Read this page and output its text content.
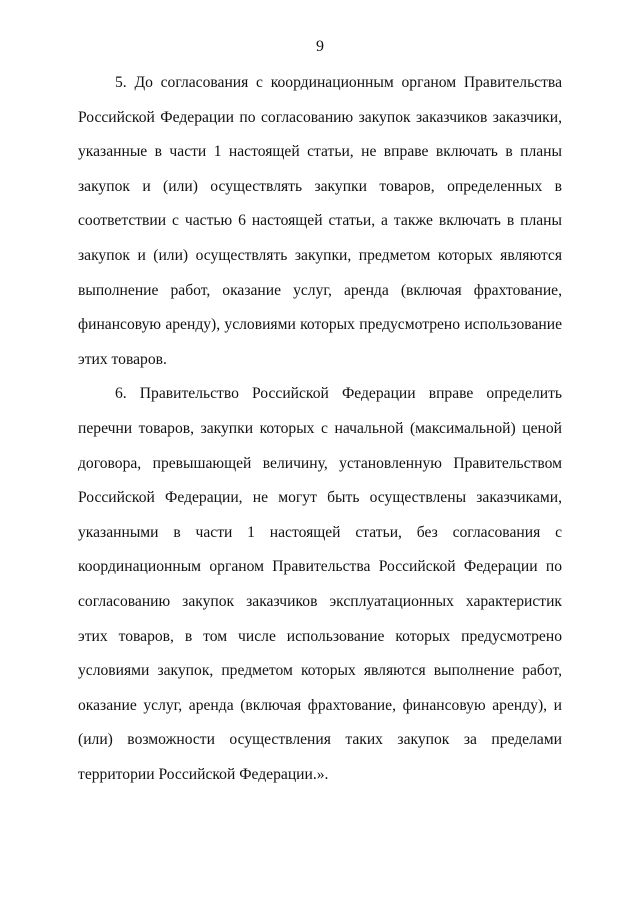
9

5. До согласования с координационным органом Правительства Российской Федерации по согласованию закупок заказчиков заказчики, указанные в части 1 настоящей статьи, не вправе включать в планы закупок и (или) осуществлять закупки товаров, определенных в соответствии с частью 6 настоящей статьи, а также включать в планы закупок и (или) осуществлять закупки, предметом которых являются выполнение работ, оказание услуг, аренда (включая фрахтование, финансовую аренду), условиями которых предусмотрено использование этих товаров.

6. Правительство Российской Федерации вправе определить перечни товаров, закупки которых с начальной (максимальной) ценой договора, превышающей величину, установленную Правительством Российской Федерации, не могут быть осуществлены заказчиками, указанными в части 1 настоящей статьи, без согласования с координационным органом Правительства Российской Федерации по согласованию закупок заказчиков эксплуатационных характеристик этих товаров, в том числе использование которых предусмотрено условиями закупок, предметом которых являются выполнение работ, оказание услуг, аренда (включая фрахтование, финансовую аренду), и (или) возможности осуществления таких закупок за пределами территории Российской Федерации.».
